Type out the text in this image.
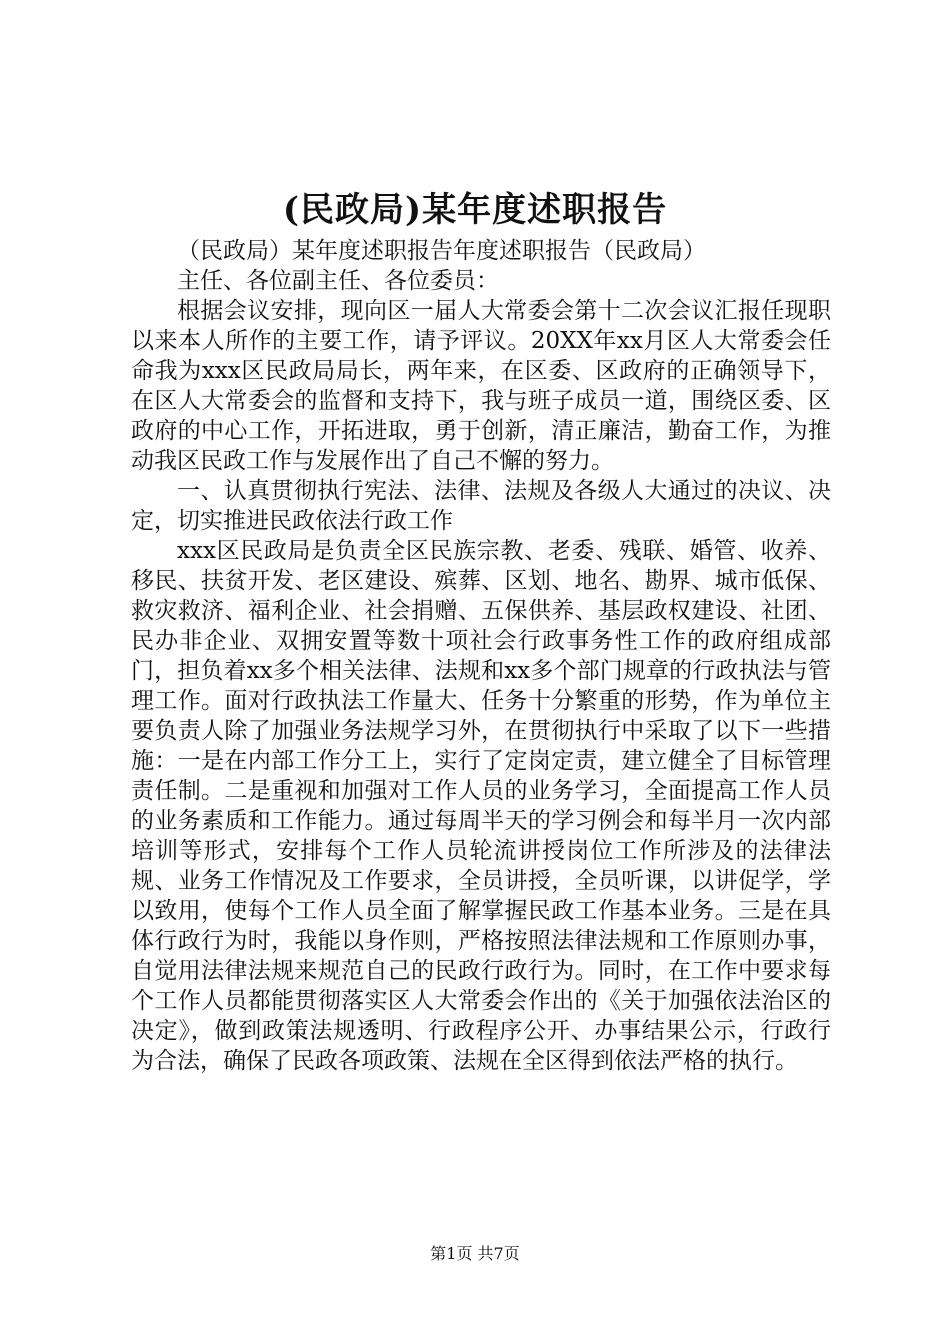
(民政局)某年度述职报告

（民政局）某年度述职报告年度述职报告（民政局）

主任、各位副主任、各位委员：

根据会议安排，现向区一届人大常委会第十二次会议汇报任现职以来本人所作的主要工作，请予评议。20XX年xx月区人大常委会任命我为xxx区民政局局长，两年来，在区委、区政府的正确领导下，在区人大常委会的监督和支持下，我与班子成员一道，围绕区委、区政府的中心工作，开拓进取，勇于创新，清正廉洁，勤奋工作，为推动我区民政工作与发展作出了自己不懈的努力。

一、认真贯彻执行宪法、法律、法规及各级人大通过的决议、决定，切实推进民政依法行政工作

xxx区民政局是负责全区民族宗教、老委、残联、婚管、收养、移民、扶贫开发、老区建设、殡葬、区划、地名、勘界、城市低保、救灾救济、福利企业、社会捐赠、五保供养、基层政权建设、社团、民办非企业、双拥安置等数十项社会行政事务性工作的政府组成部门，担负着xx多个相关法律、法规和xx多个部门规章的行政执法与管理工作。面对行政执法工作量大、任务十分繁重的形势，作为单位主要负责人除了加强业务法规学习外，在贯彻执行中采取了以下一些措施：一是在内部工作分工上，实行了定岗定责，建立健全了目标管理责任制。二是重视和加强对工作人员的业务学习，全面提高工作人员的业务素质和工作能力。通过每周半天的学习例会和每半月一次内部培训等形式，安排每个工作人员轮流讲授岗位工作所涉及的法律法规、业务工作情况及工作要求，全员讲授，全员听课，以讲促学，学以致用，使每个工作人员全面了解掌握民政工作基本业务。三是在具体行政行为时，我能以身作则，严格按照法律法规和工作原则办事，自觉用法律法规来规范自己的民政行政行为。同时，在工作中要求每个工作人员都能贯彻落实区人大常委会作出的《关于加强依法治区的决定》，做到政策法规透明、行政程序公开、办事结果公示，行政行为合法，确保了民政各项政策、法规在全区得到依法严格的执行。

第1页 共7页
